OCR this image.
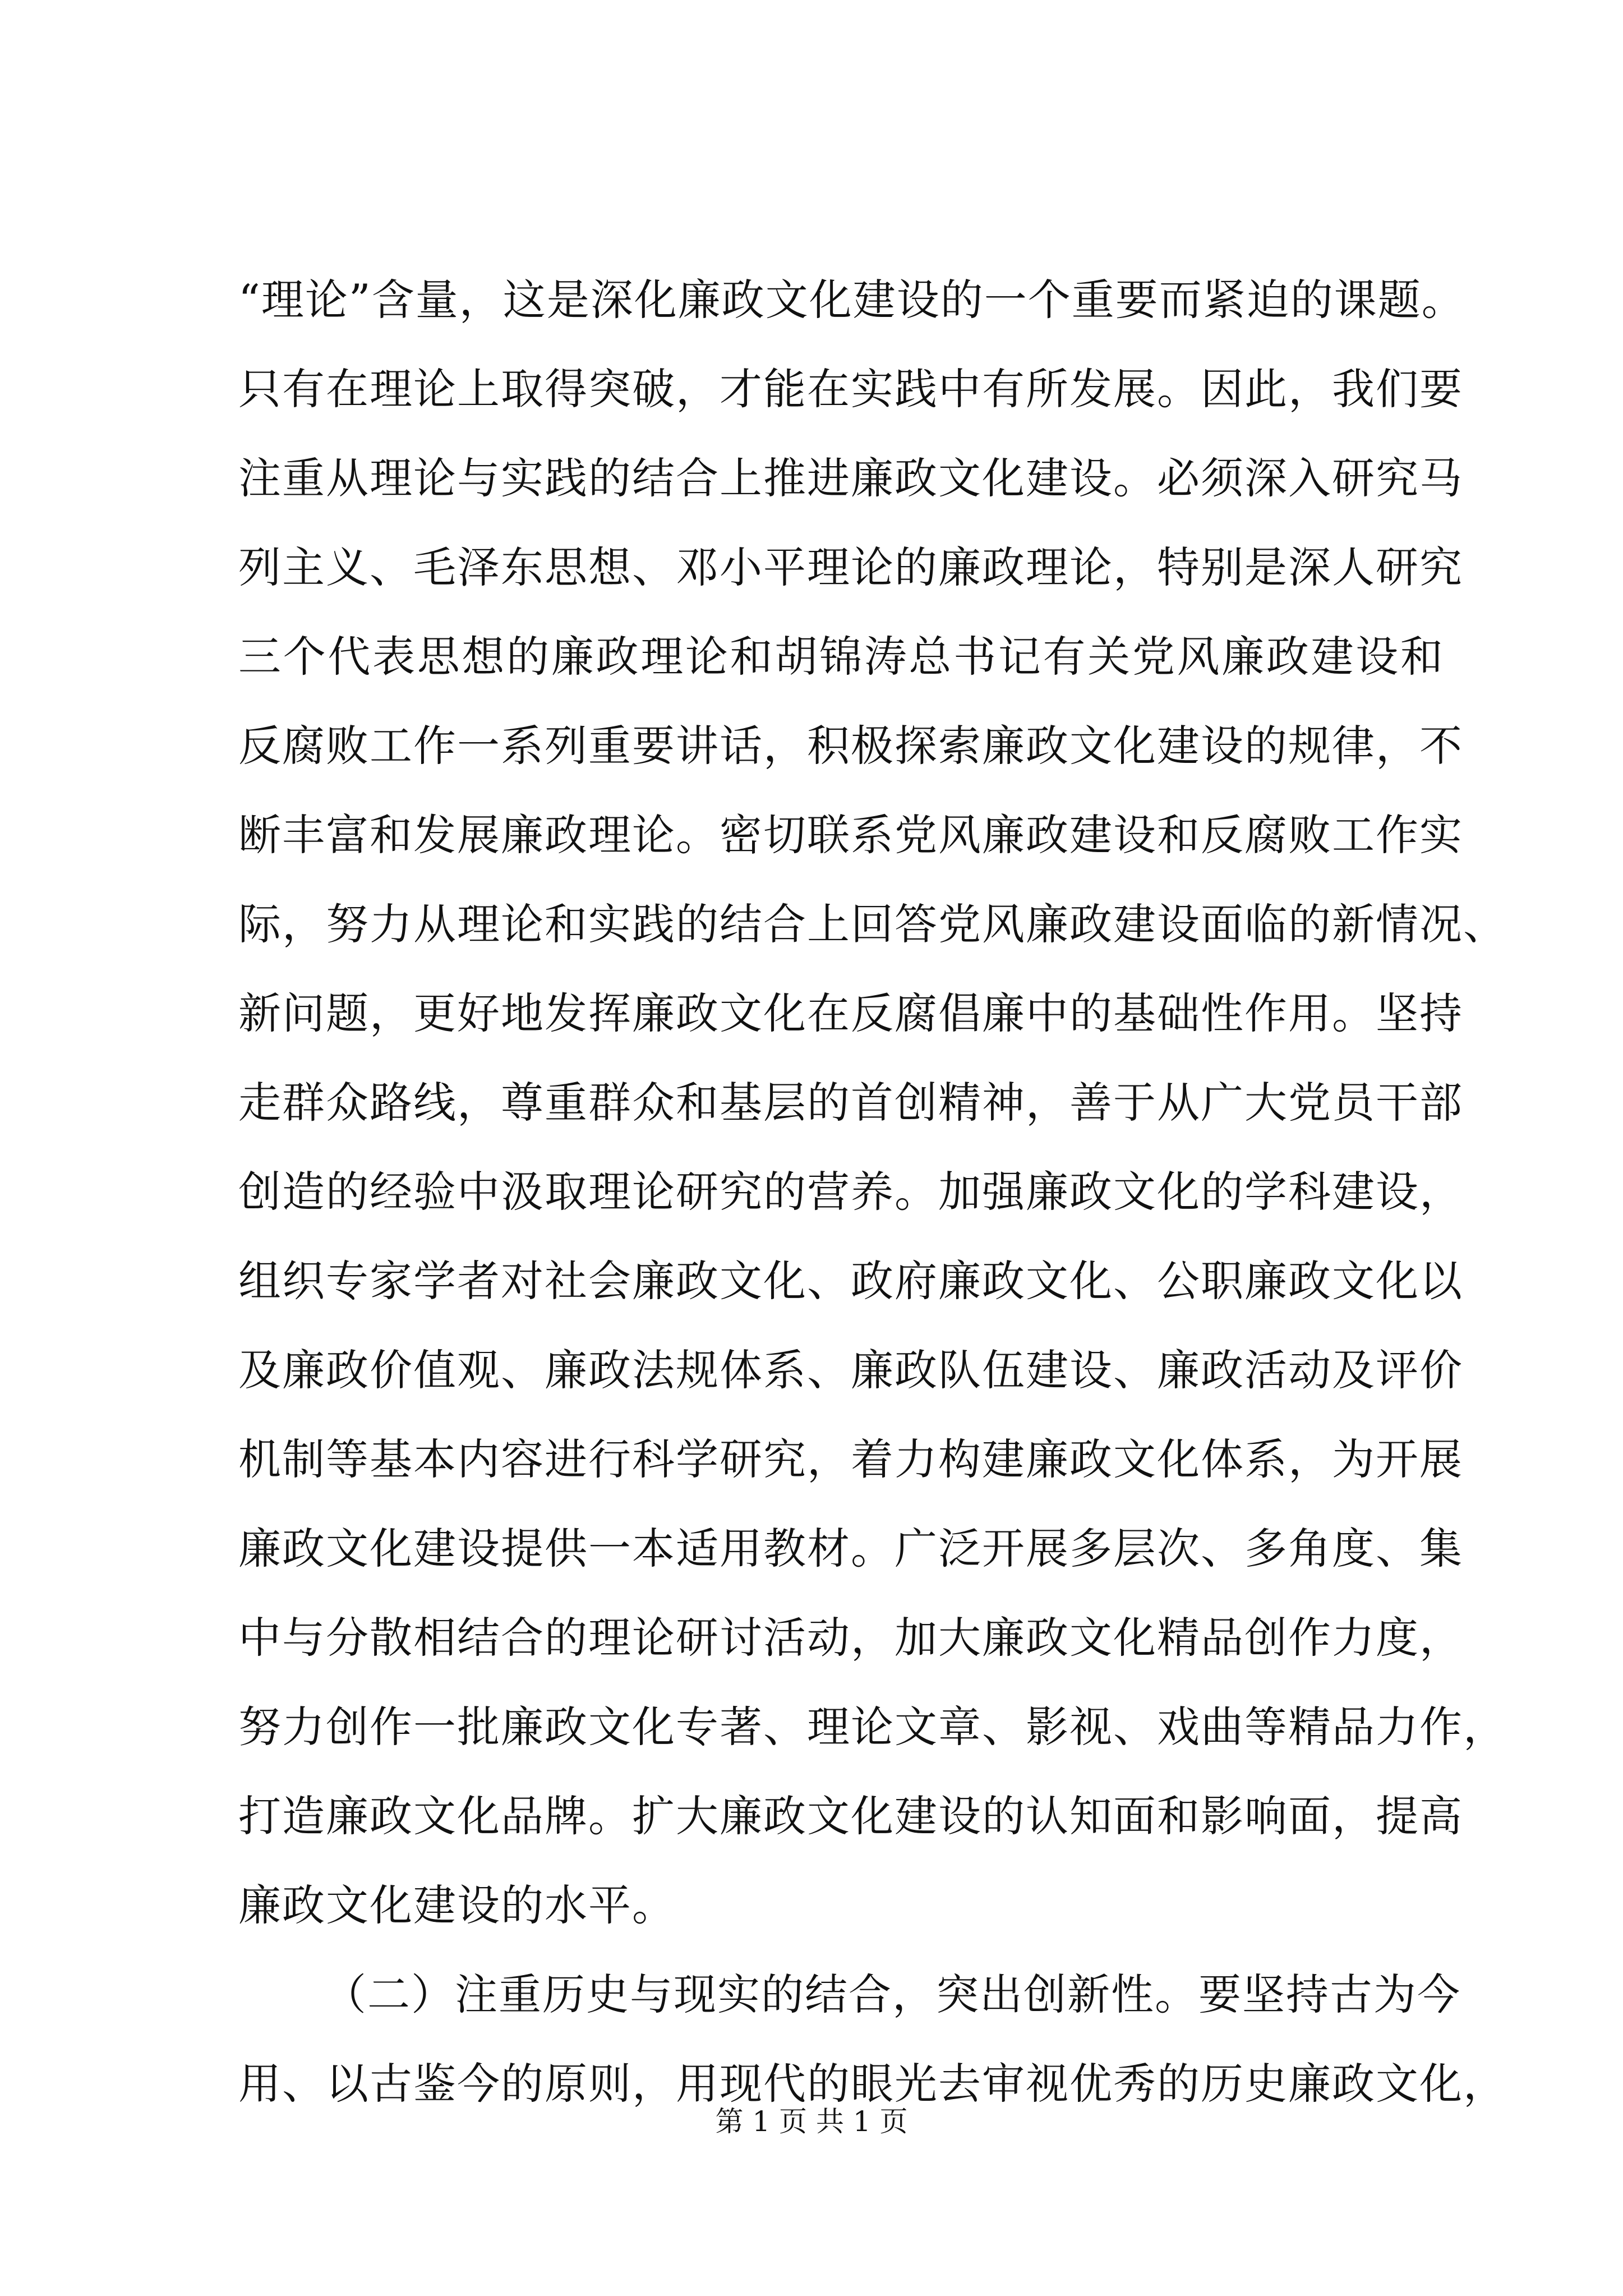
“理论”含量，这是深化廉政文化建设的一个重要而紧迫的课题。
只有在理论上取得突破，才能在实践中有所发展。因此，我们要
注重从理论与实践的结合上推进廉政文化建设。必须深入研究马
列主义、毛泽东思想、邓小平理论的廉政理论，特别是深人研究
三个代表思想的廉政理论和胡锦涛总书记有关党风廉政建设和
反腐败工作一系列重要讲话，积极探索廉政文化建设的规律，不
断丰富和发展廉政理论。密切联系党风廉政建设和反腐败工作实
际，努力从理论和实践的结合上回答党风廉政建设面临的新情况、
新问题，更好地发挥廉政文化在反腐倡廉中的基础性作用。坚持
走群众路线，尊重群众和基层的首创精神，善于从广大党员干部
创造的经验中汲取理论研究的营养。加强廉政文化的学科建设，
组织专家学者对社会廉政文化、政府廉政文化、公职廉政文化以
及廉政价值观、廉政法规体系、廉政队伍建设、廉政活动及评价
机制等基本内容进行科学研究，着力构建廉政文化体系，为开展
廉政文化建设提供一本适用教材。广泛开展多层次、多角度、集
中与分散相结合的理论研讨活动，加大廉政文化精品创作力度，
努力创作一批廉政文化专著、理论文章、影视、戏曲等精品力作，
打造廉政文化品牌。扩大廉政文化建设的认知面和影响面，提高
廉政文化建设的水平。
（二）注重历史与现实的结合，突出创新性。要坚持古为今
用、以古鉴今的原则，用现代的眼光去审视优秀的历史廉政文化，
第 1 页 共 1 页
